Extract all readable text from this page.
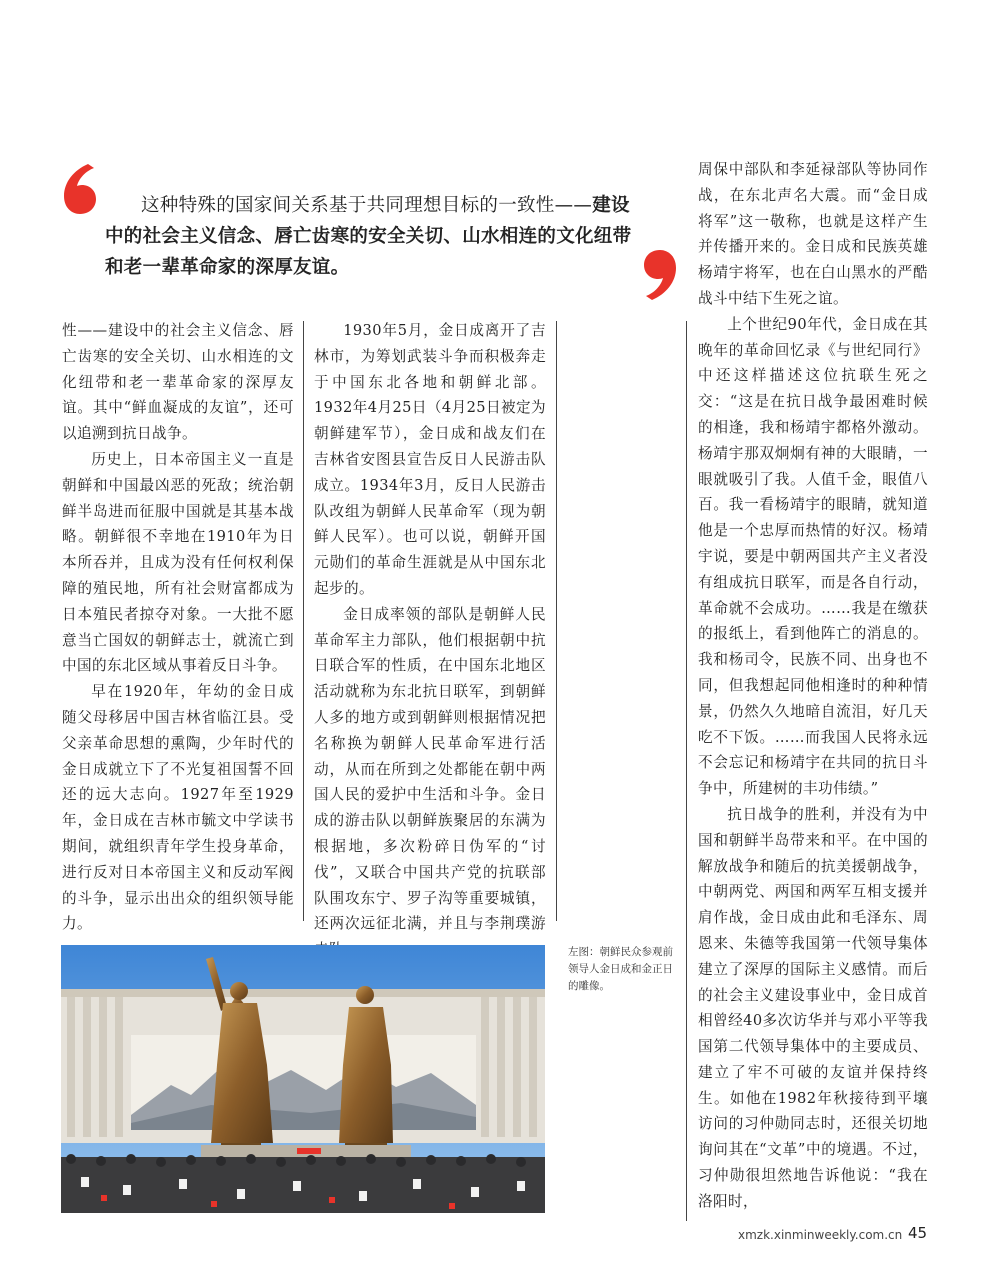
这种特殊的国家间关系基于共同理想目标的一致性——建设中的社会主义信念、唇亡齿寒的安全关切、山水相连的文化纽带和老一辈革命家的深厚友谊。

性——建设中的社会主义信念、唇亡齿寒的安全关切、山水相连的文化纽带和老一辈革命家的深厚友谊。其中“鲜血凝成的友谊”，还可以追溯到抗日战争。

历史上，日本帝国主义一直是朝鲜和中国最凶恶的死敌；统治朝鲜半岛进而征服中国就是其基本战略。朝鲜很不幸地在1910年为日本所吞并，且成为没有任何权利保障的殖民地，所有社会财富都成为日本殖民者掠夺对象。一大批不愿意当亡国奴的朝鲜志士，就流亡到中国的东北区域从事着反日斗争。

早在1920年，年幼的金日成随父母移居中国吉林省临江县。受父亲革命思想的熏陶，少年时代的金日成就立下了不光复祖国誓不回还的远大志向。1927年至1929年，金日成在吉林市毓文中学读书期间，就组织青年学生投身革命，进行反对日本帝国主义和反动军阀的斗争，显示出出众的组织领导能力。

1930年5月，金日成离开了吉林市，为筹划武装斗争而积极奔走于中国东北各地和朝鲜北部。1932年4月25日（4月25日被定为朝鲜建军节），金日成和战友们在吉林省安图县宣告反日人民游击队成立。1934年3月，反日人民游击队改组为朝鲜人民革命军（现为朝鲜人民军）。也可以说，朝鲜开国元勋们的革命生涯就是从中国东北起步的。

金日成率领的部队是朝鲜人民革命军主力部队，他们根据朝中抗日联合军的性质，在中国东北地区活动就称为东北抗日联军，到朝鲜人多的地方或到朝鲜则根据情况把名称换为朝鲜人民革命军进行活动，从而在所到之处都能在朝中两国人民的爱护中生活和斗争。金日成的游击队以朝鲜族聚居的东满为根据地，多次粉碎日伪军的“讨伐”，又联合中国共产党的抗联部队围攻东宁、罗子沟等重要城镇，还两次远征北满，并且与李荆璞游

周保中部队和李延禄部队等协同作战，在东北声名大震。而“金日成将军”这一敬称，也就是这样产生并传播开来的。金日成和民族英雄杨靖宇将军，也在白山黑水的严酷战斗中结下生死之谊。

上个世纪90年代，金日成在其晚年的革命回忆录《与世纪同行》中还这样描述这位抗联生死之交：“这是在抗日战争最困难时候的相逢，我和杨靖宇都格外激动。杨靖宇那双炯炯有神的大眼睛，一眼就吸引了我。人值千金，眼值八百。我一看杨靖宇的眼睛，就知道他是一个忠厚而热情的好汉。杨靖宇说，要是中朝两国共产主义者没有组成抗日联军，而是各自行动，革命就不会成功。……我是在缴获的报纸上，看到他阵亡的消息的。我和杨司令，民族不同、出身也不同，但我想起同他相逢时的种种情景，仍然久久地暗自流泪，好几天吃不下饭。……而我国人民将永远不会忘记和杨靖宇在共同的抗日斗争中，所建树的丰功伟绩。”

抗日战争的胜利，并没有为中国和朝鲜半岛带来和平。在中国的解放战争和随后的抗美援朝战争，中朝两党、两国和两军互相支援并肩作战，金日成由此和毛泽东、周恩来、朱德等我国第一代领导集体建立了深厚的国际主义感情。而后的社会主义建设事业中，金日成首相曾经40多次访华并与邓小平等我国第二代领导集体中的主要成员、建立了牢不可破的友谊并保持终生。如他在1982年秋接待到平壤访问的习仲勋同志时，还很关切地询问其在“文革”中的境遇。不过，习仲勋很坦然地告诉他说：“我在洛阳时，

左图：朝鲜民众参观前领导人金日成和金正日的雕像。
xmzk.xinminweekly.com.cn 45
